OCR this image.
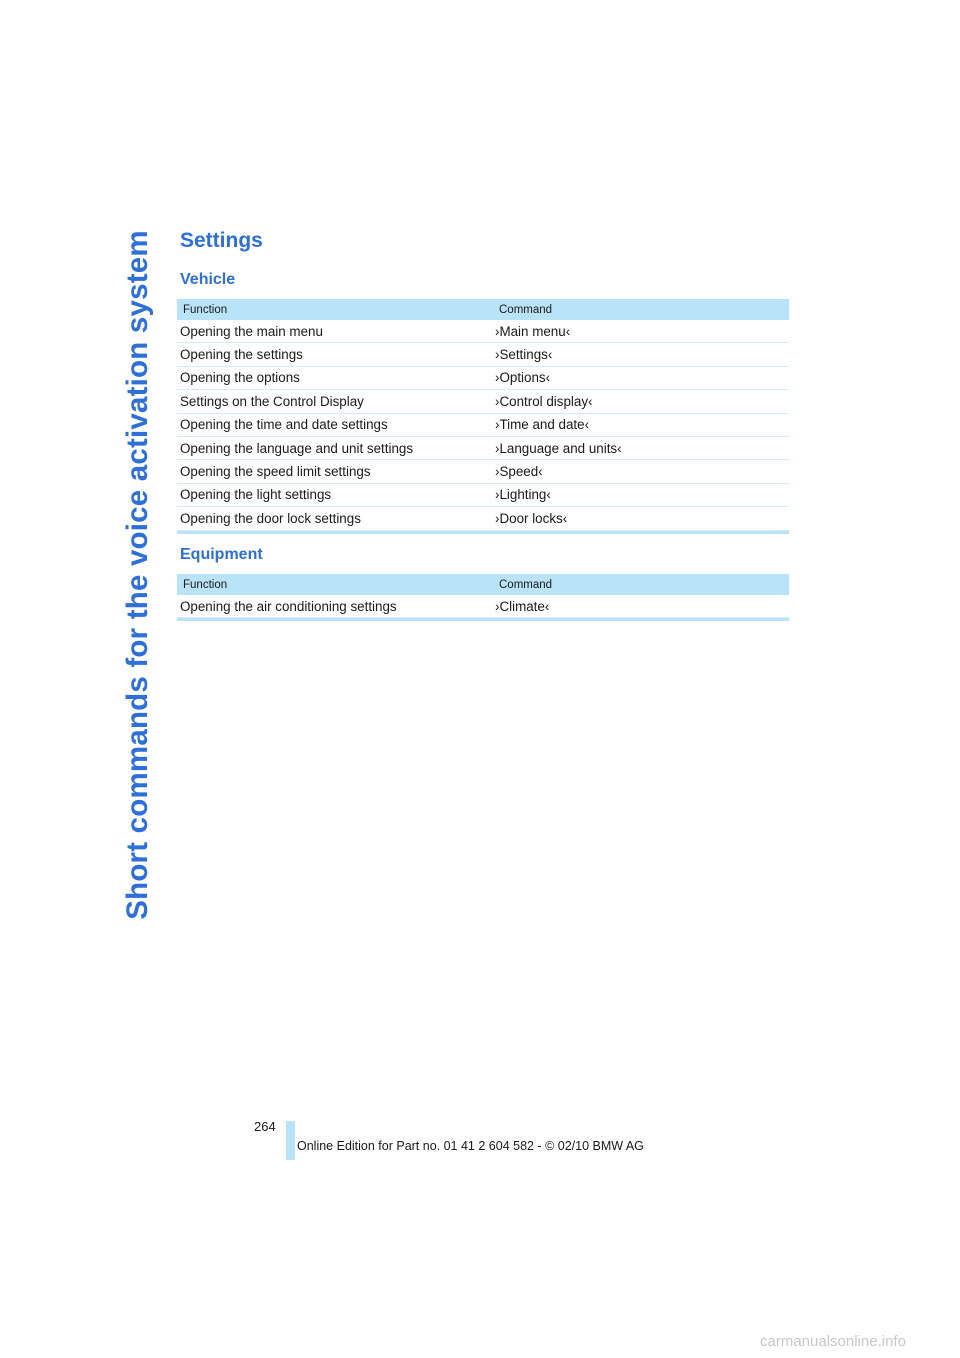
Short commands for the voice activation system Settings
Vehicle
Function	Command
Opening the main menu	›Main menu‹
Opening the settings	›Settings‹
Opening the options	›Options‹
Settings on the Control Display	›Control display‹
Opening the time and date settings	›Time and date‹
Opening the language and unit settings	›Language and units‹
Opening the speed limit settings	›Speed‹
Opening the light settings	›Lighting‹
Opening the door lock settings	›Door locks‹
Equipment
Function	Command
Opening the air conditioning settings	›Climate‹
264
Online Edition for Part no. 01 41 2 604 582 - © 02/10 BMW AG
carmanualsonline.info
